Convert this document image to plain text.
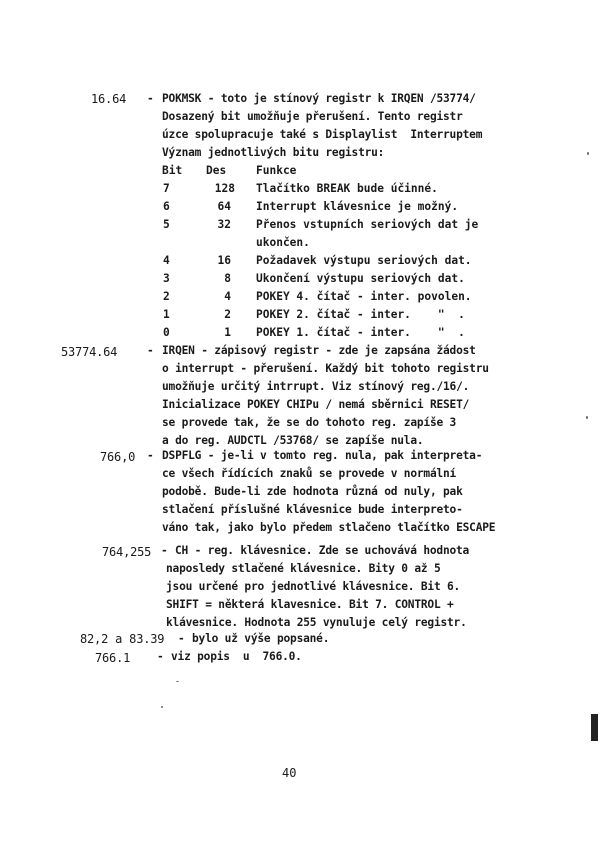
16.64 - POKMSK - toto je stínový registr k IRQEN /53774/
Dosazený bit umožňuje přerušení. Tento registr
úzce spolupracuje také s Displaylist  Interruptem
Význam jednotlivých bitu registru:
Bit Des	Funkce
7	128 Tlačítko BREAK bude účinné.
6	64 Interrupt klávesnice je možný.
5	32 Přenos vstupních seriových dat je
ukončen.
4	16 Požadavek výstupu seriových dat.
3	8 Ukončení výstupu seriových dat.
2	4 POKEY 4. čítač - inter. povolen.
1	2 POKEY 2. čítač - inter.    "  .
0	1 POKEY 1. čítač - inter.    "  .
53774.64	- IRQEN - zápisový registr - zde je zapsána žádost
o interrupt - přerušení. Každý bit tohoto registru
umožňuje určitý intrrupt. Viz stínový reg./16/.
Inicializace POKEY CHIPu / nemá sběrnici RESET/
se provede tak, že se do tohoto reg. zapíše 3
a do reg. AUDCTL /53768/ se zapíše nula.
766,0 - DSPFLG - je-li v tomto reg. nula, pak interpreta-
ce všech řídících znaků se provede v normální
podobě. Bude-li zde hodnota různá od nuly, pak
stlačení příslušné klávesnice bude interpreto-
váno tak, jako bylo předem stlačeno tlačítko ESCAPE
764,255 - CH - reg. klávesnice. Zde se uchovává hodnota
naposledy stlačené klávesnice. Bity 0 až 5
jsou určené pro jednotlivé klávesnice. Bit 6.
SHIFT = některá klavesnice. Bit 7. CONTROL +
klávesnice. Hodnota 255 vynuluje celý registr.
82,2 a 83.39 - bylo už výše popsané.
766.1 - viz popis  u  766.0.
40
